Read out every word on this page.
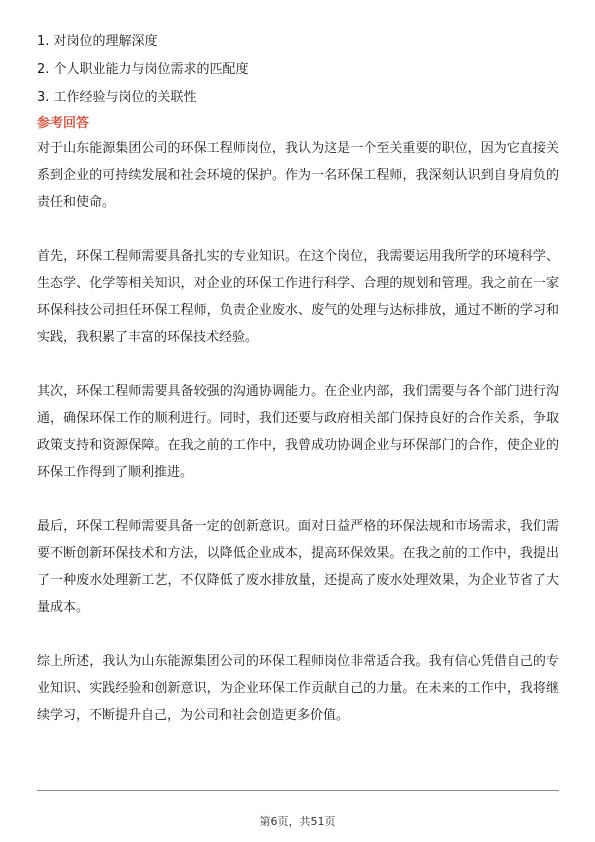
1. 对岗位的理解深度
2. 个人职业能力与岗位需求的匹配度
3. 工作经验与岗位的关联性
参考回答

对于山东能源集团公司的环保工程师岗位，我认为这是一个至关重要的职位，因为它直接关系到企业的可持续发展和社会环境的保护。作为一名环保工程师，我深刻认识到自身肩负的责任和使命。

首先，环保工程师需要具备扎实的专业知识。在这个岗位，我需要运用我所学的环境科学、生态学、化学等相关知识，对企业的环保工作进行科学、合理的规划和管理。我之前在一家环保科技公司担任环保工程师，负责企业废水、废气的处理与达标排放，通过不断的学习和实践，我积累了丰富的环保技术经验。

其次，环保工程师需要具备较强的沟通协调能力。在企业内部，我们需要与各个部门进行沟通，确保环保工作的顺利进行。同时，我们还要与政府相关部门保持良好的合作关系，争取政策支持和资源保障。在我之前的工作中，我曾成功协调企业与环保部门的合作，使企业的环保工作得到了顺利推进。

最后，环保工程师需要具备一定的创新意识。面对日益严格的环保法规和市场需求，我们需要不断创新环保技术和方法，以降低企业成本，提高环保效果。在我之前的工作中，我提出了一种废水处理新工艺，不仅降低了废水排放量，还提高了废水处理效果，为企业节省了大量成本。

综上所述，我认为山东能源集团公司的环保工程师岗位非常适合我。我有信心凭借自己的专业知识、实践经验和创新意识，为企业环保工作贡献自己的力量。在未来的工作中，我将继续学习，不断提升自己，为公司和社会创造更多价值。

第6页，共51页
